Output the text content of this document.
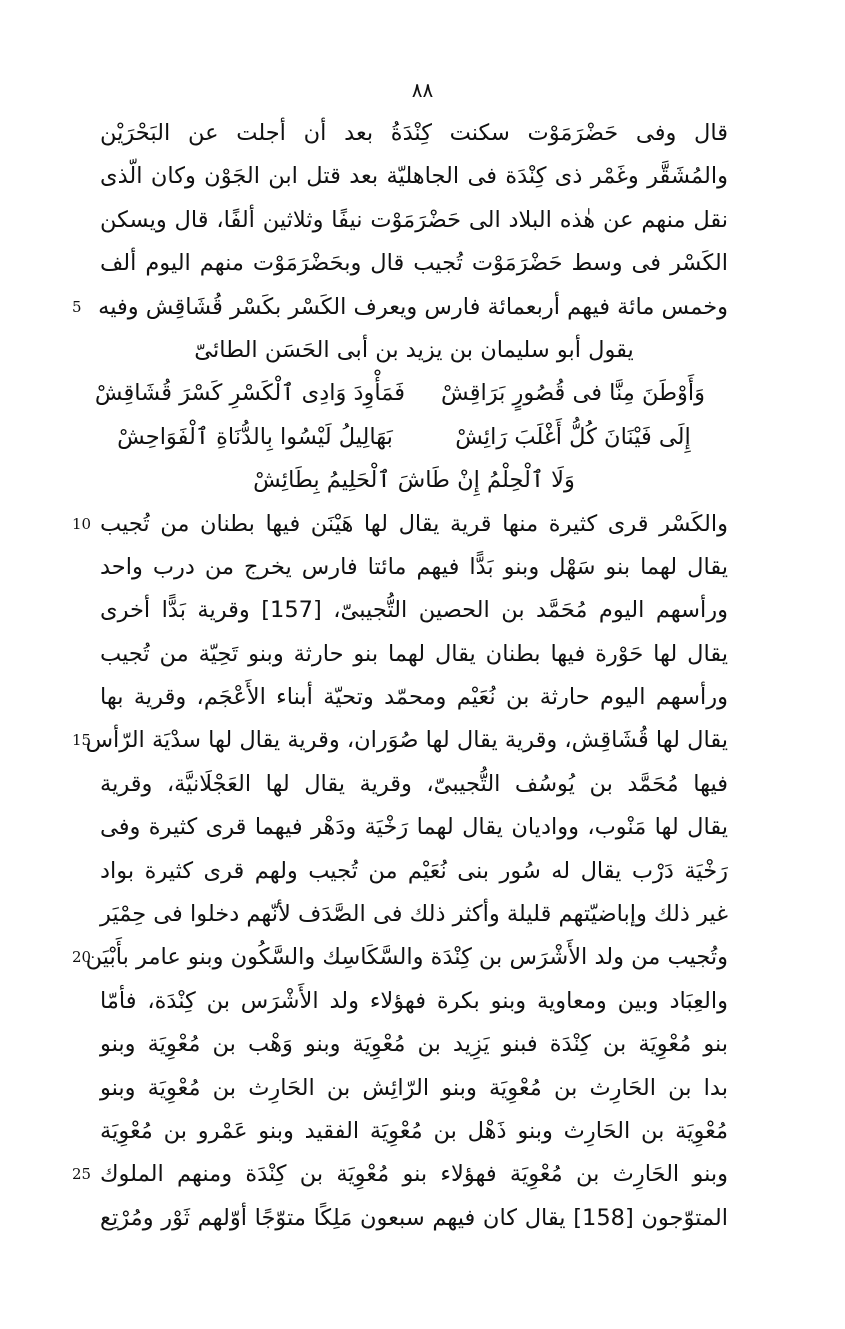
٨٨
قال وفى حَضْرَمَوْت سكنت كِنْدَةُ بعد أن أجلت عن البَحْرَيْن
والمُشَقَّر وغَمْر ذى كِنْدَة فى الجاهليّة بعد قتل ابن الجَوْن وكان الّذى
نقل منهم عن هٰذه البلاد الى حَضْرَمَوْت نيفًا وثلاثين ألفًا، قال ويسكن
الكَسْر فى وسط حَضْرَمَوْت تُجيب قال وبحَضْرَمَوْت منهم اليوم ألف
5 وخمس مائة فيهم أربعمائة فارس ويعرف الكَسْر بكَسْر قُشَاقِش وفيه
يقول أبو سليمان بن يزيد بن أبى الحَسَن الطائىّ
وَأَوْطَنَ مِنَّا فى قُصُورٍ بَرَاقِشْفَمَأْوِدَ وَادِى ٱلْكَسْرِ كَسْرَ قُشَاقِشْ
إِلَى فَيْنَانَ كُلُّ أَغْلَبَ رَائِشْبَهَالِيلُ لَيْسُوا بِالدُّنَاةِ ٱلْفَوَاحِشْ
وَلَا ٱلْحِلْمُ إِنْ طَاشَ ٱلْحَلِيمُ بِطَائِشْ
10 والكَسْر قرى كثيرة منها قرية يقال لها هَيْنَن فيها بطنان من تُجيب
يقال لهما بنو سَهْل وبنو بَدًّا فيهم مائتا فارس يخرج من درب واحد
ورأسهم اليوم مُحَمَّد بن الحصين التُّجيبىّ، [157] وقرية بَدًّا أخرى
يقال لها حَوْرة فيها بطنان يقال لهما بنو حارثة وبنو تَحِيّة من تُجيب
ورأسهم اليوم حارثة بن نُعَيْم ومحمّد وتحيّة أبناء الأَعْجَم، وقرية بها
15
يقال لها قُشَاقِش، وقرية يقال لها صُوَران، وقرية يقال لها سدْيَة الرّأس
فيها مُحَمَّد بن يُوسُف التُّجيبىّ، وقرية يقال لها العَجْلَانيَّة، وقرية
يقال لها مَنْوب، وواديان يقال لهما رَخْيَة ودَهْر فيهما قرى كثيرة وفى
رَخْيَة دَرْب يقال له سُور بنى نُعَيْم من تُجيب ولهم قرى كثيرة بواد
غير ذلك وإباضيّتهم قليلة وأكثر ذلك فى الصَّدَف لأنّهم دخلوا فى حِمْيَر
20
وتُجيب من ولد الأَشْرَس بن كِنْدَة والسَّكَاسِك والسَّكُون وبنو عامر بأَبْيَن
والعِبَاد وبين ومعاوية وبنو بكرة فهؤلاء ولد الأَشْرَس بن كِنْدَة، فأمّا
بنو مُعْوِيَة بن كِنْدَة فبنو يَزِيد بن مُعْوِيَة وبنو وَهْب بن مُعْوِيَة وبنو
بدا بن الحَارِث بن مُعْوِيَة وبنو الرّائِش بن الحَارِث بن مُعْوِيَة وبنو
مُعْوِيَة بن الحَارِث وبنو ذَهْل بن مُعْوِيَة الفقيد وبنو عَمْرو بن مُعْوِيَة
25 وبنو الحَارِث بن مُعْوِيَة فهؤلاء بنو مُعْوِيَة بن كِنْدَة ومنهم الملوك
المتوّجون [158] يقال كان فيهم سبعون مَلِكًا متوّجًا أوّلهم ثَوْر ومُرْتِع
